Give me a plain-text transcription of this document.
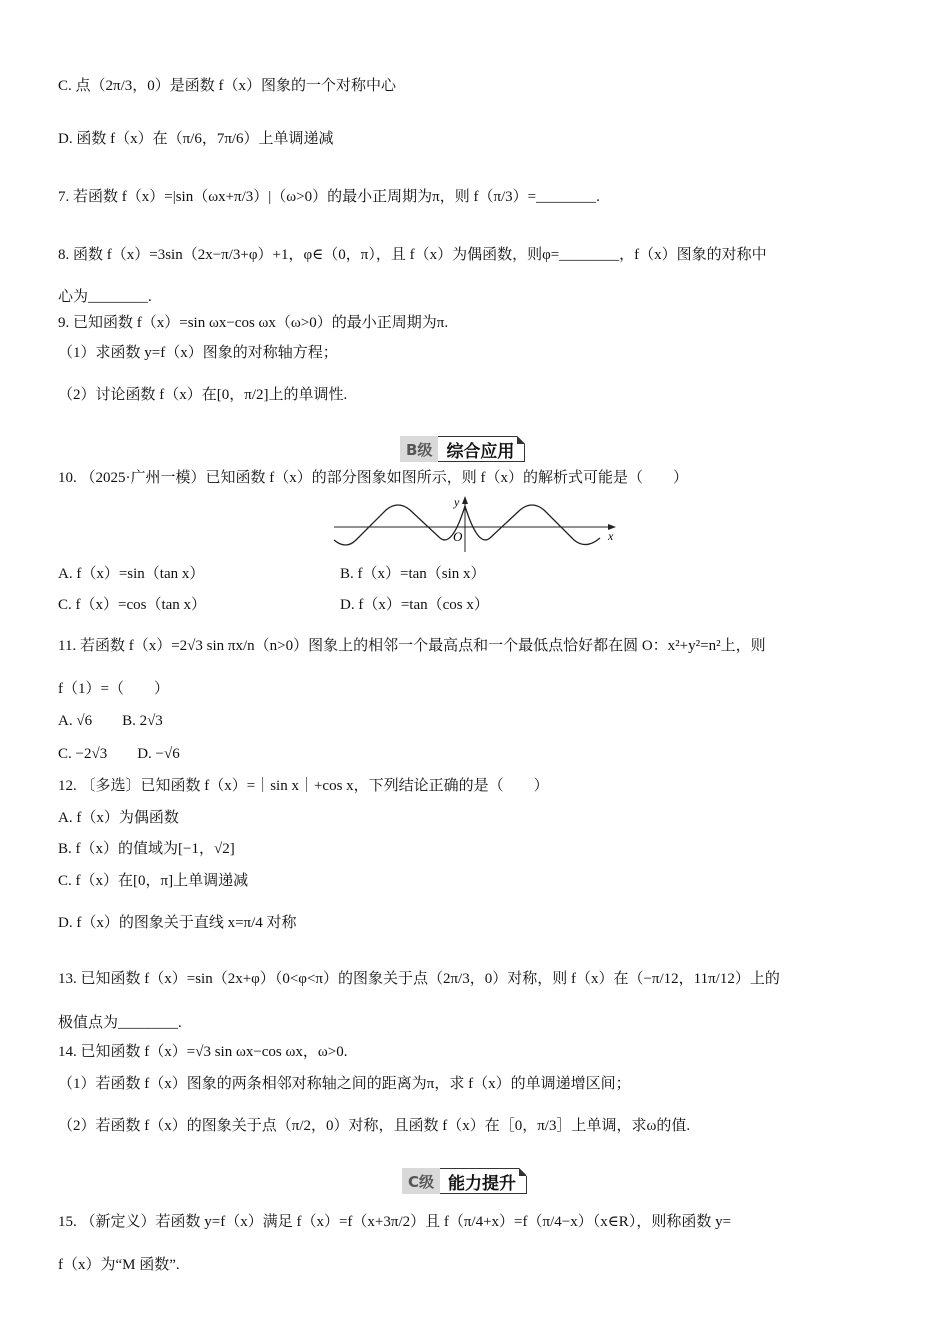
C. 点（2π/3，0）是函数 f（x）图象的一个对称中心
D. 函数 f（x）在（π/6，7π/6）上单调递减
7. 若函数 f（x）=|sin（ωx+π/3）|（ω>0）的最小正周期为π，则 f（π/3）=________.
8. 函数 f（x）=3sin（2x−π/3+φ）+1，φ∈（0，π），且 f（x）为偶函数，则φ=________，f（x）图象的对称中
心为________.
9. 已知函数 f（x）=sin ωx−cos ωx（ω>0）的最小正周期为π.
（1）求函数 y=f（x）图象的对称轴方程；
（2）讨论函数 f（x）在[0，π/2]上的单调性.
B级 综合应用
10. （2025·广州一模）已知函数 f（x）的部分图象如图所示，则 f（x）的解析式可能是（　　）
x
y
O
A. f（x）=sin（tan x）	B. f（x）=tan（sin x）
C. f（x）=cos（tan x）	D. f（x）=tan（cos x）
11. 若函数 f（x）=2√3 sin πx/n（n>0）图象上的相邻一个最高点和一个最低点恰好都在圆 O：x²+y²=n²上，则
f（1）=（　　）
A. √6　　B. 2√3
C. −2√3　　D. −√6
12. 〔多选〕已知函数 f（x）=｜sin x｜+cos x，下列结论正确的是（　　）
A. f（x）为偶函数
B. f（x）的值域为[−1，√2]
C. f（x）在[0，π]上单调递减
D. f（x）的图象关于直线 x=π/4 对称
13. 已知函数 f（x）=sin（2x+φ）（0<φ<π）的图象关于点（2π/3，0）对称，则 f（x）在（−π/12，11π/12）上的
极值点为________.
14. 已知函数 f（x）=√3 sin ωx−cos ωx，ω>0.
（1）若函数 f（x）图象的两条相邻对称轴之间的距离为π，求 f（x）的单调递增区间；
（2）若函数 f（x）的图象关于点（π/2，0）对称，且函数 f（x）在［0，π/3］上单调，求ω的值.
C级 能力提升
15. （新定义）若函数 y=f（x）满足 f（x）=f（x+3π/2）且 f（π/4+x）=f（π/4−x）（x∈R），则称函数 y=
f（x）为“M 函数”.
